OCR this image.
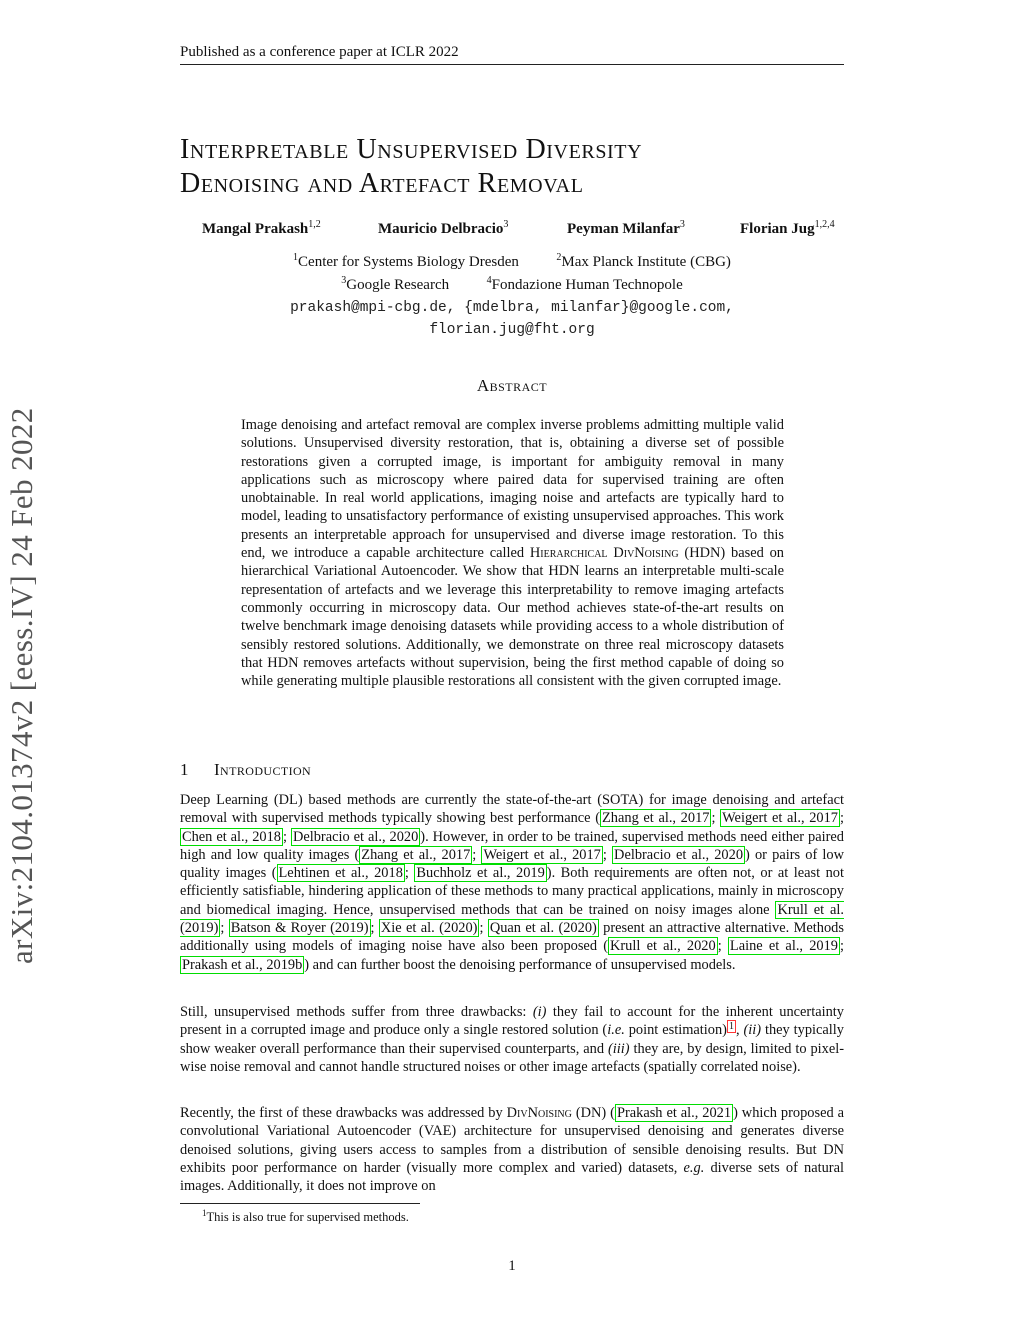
Published as a conference paper at ICLR 2022
Interpretable Unsupervised Diversity
Denoising and Artefact Removal
Mangal Prakash$^{1,2}$	Mauricio Delbracio$^3$	Peyman Milanfar$^3$	Florian Jug$^{1,2,4}$
$^1$Center for Systems Biology Dresden	$^2$Max Planck Institute (CBG)
$^3$Google Research	$^4$Fondazione Human Technopole
prakash@mpi-cbg.de, {mdelbra, milanfar}@google.com,
florian.jug@fht.org
Abstract

Image denoising and artefact removal are complex inverse problems admitting multiple valid solutions. Unsupervised diversity restoration, that is, obtaining a diverse set of possible restorations given a corrupted image, is important for ambiguity removal in many applications such as microscopy where paired data for supervised training are often unobtainable. In real world applications, imaging noise and artefacts are typically hard to model, leading to unsatisfactory performance of existing unsupervised approaches. This work presents an interpretable approach for unsupervised and diverse image restoration. To this end, we introduce a capable architecture called Hierarchical DivNoising (HDN) based on hierarchical Variational Autoencoder. We show that HDN learns an interpretable multi-scale representation of artefacts and we leverage this interpretability to remove imaging artefacts commonly occurring in microscopy data. Our method achieves state-of-the-art results on twelve benchmark image denoising datasets while providing access to a whole distribution of sensibly restored solutions. Additionally, we demonstrate on three real microscopy datasets that HDN removes artefacts without supervision, being the first method capable of doing so while generating multiple plausible restorations all consistent with the given corrupted image.

arXiv:2104.01374v2 [eess.IV] 24 Feb 2022	1 Introduction

Deep Learning (DL) based methods are currently the state-of-the-art (SOTA) for image denoising and artefact removal with supervised methods typically showing best performance ( Zhang et al., 2017 ; Weigert et al., 2017 ; Chen et al., 2018 ; Delbracio et al., 2020 ). However, in order to be trained, supervised methods need either paired high and low quality images ( Zhang et al., 2017 ; Weigert et al., 2017 ; Delbracio et al., 2020 ) or pairs of low quality images ( Lehtinen et al., 2018 ; Buchholz et al., 2019 ). Both requirements are often not, or at least not efficiently satisfiable, hindering application of these methods to many practical applications, mainly in microscopy and biomedical imaging. Hence, unsupervised methods that can be trained on noisy images alone Krull et al. (2019) ; Batson & Royer (2019) ; Xie et al. (2020) ; Quan et al. (2020) present an attractive alternative. Methods additionally using models of imaging noise have also been proposed ( Krull et al., 2020 ; Laine et al., 2019 ; Prakash et al., 2019b ) and can further boost the denoising performance of unsupervised models.

Still, unsupervised methods suffer from three drawbacks: (i) they fail to account for the inherent uncertainty present in a corrupted image and produce only a single restored solution (i.e. point estimation) $^1$ , (ii) they typically show weaker overall performance than their supervised counterparts, and (iii) they are, by design, limited to pixel-wise noise removal and cannot handle structured noises or other image artefacts (spatially correlated noise).

Recently, the first of these drawbacks was addressed by DivNoising (DN) ( Prakash et al., 2021 ) which proposed a convolutional Variational Autoencoder (VAE) architecture for unsupervised denoising and generates diverse denoised solutions, giving users access to samples from a distribution of sensible denoising results. But DN exhibits poor performance on harder (visually more complex and varied) datasets, e.g. diverse sets of natural images. Additionally, it does not improve on

$^1$This is also true for supervised methods.
1
